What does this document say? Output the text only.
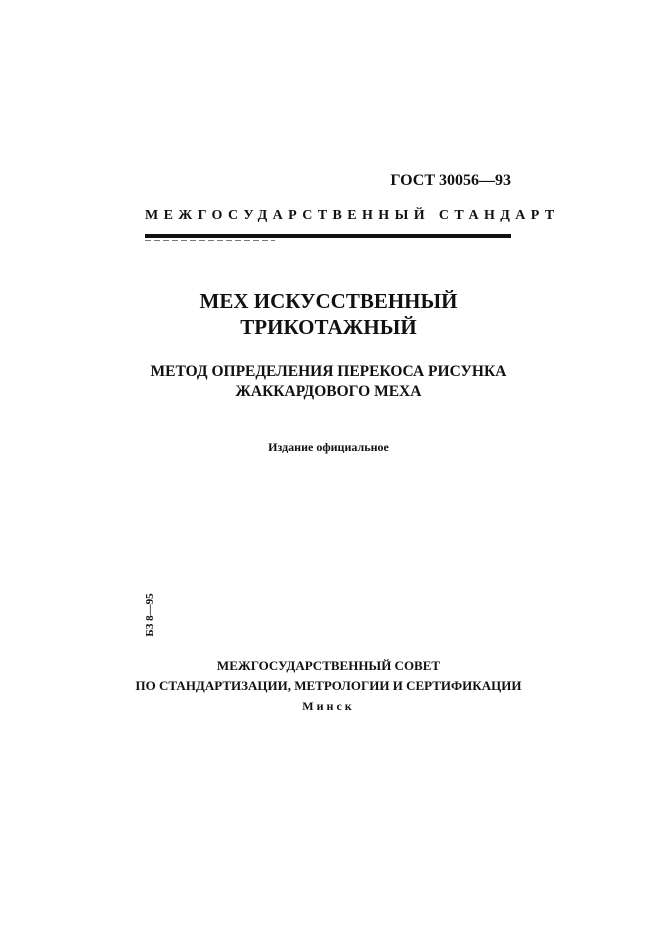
ГОСТ 30056—93
МЕЖГОСУДАРСТВЕННЫЙ СТАНДАРТ
МЕХ ИСКУССТВЕННЫЙ
ТРИКОТАЖНЫЙ
МЕТОД ОПРЕДЕЛЕНИЯ ПЕРЕКОСА РИСУНКА
ЖАККАРДОВОГО МЕХА
Издание официальное
БЗ 8—95
МЕЖГОСУДАРСТВЕННЫЙ СОВЕТ
ПО СТАНДАРТИЗАЦИИ, МЕТРОЛОГИИ И СЕРТИФИКАЦИИ
Минск
